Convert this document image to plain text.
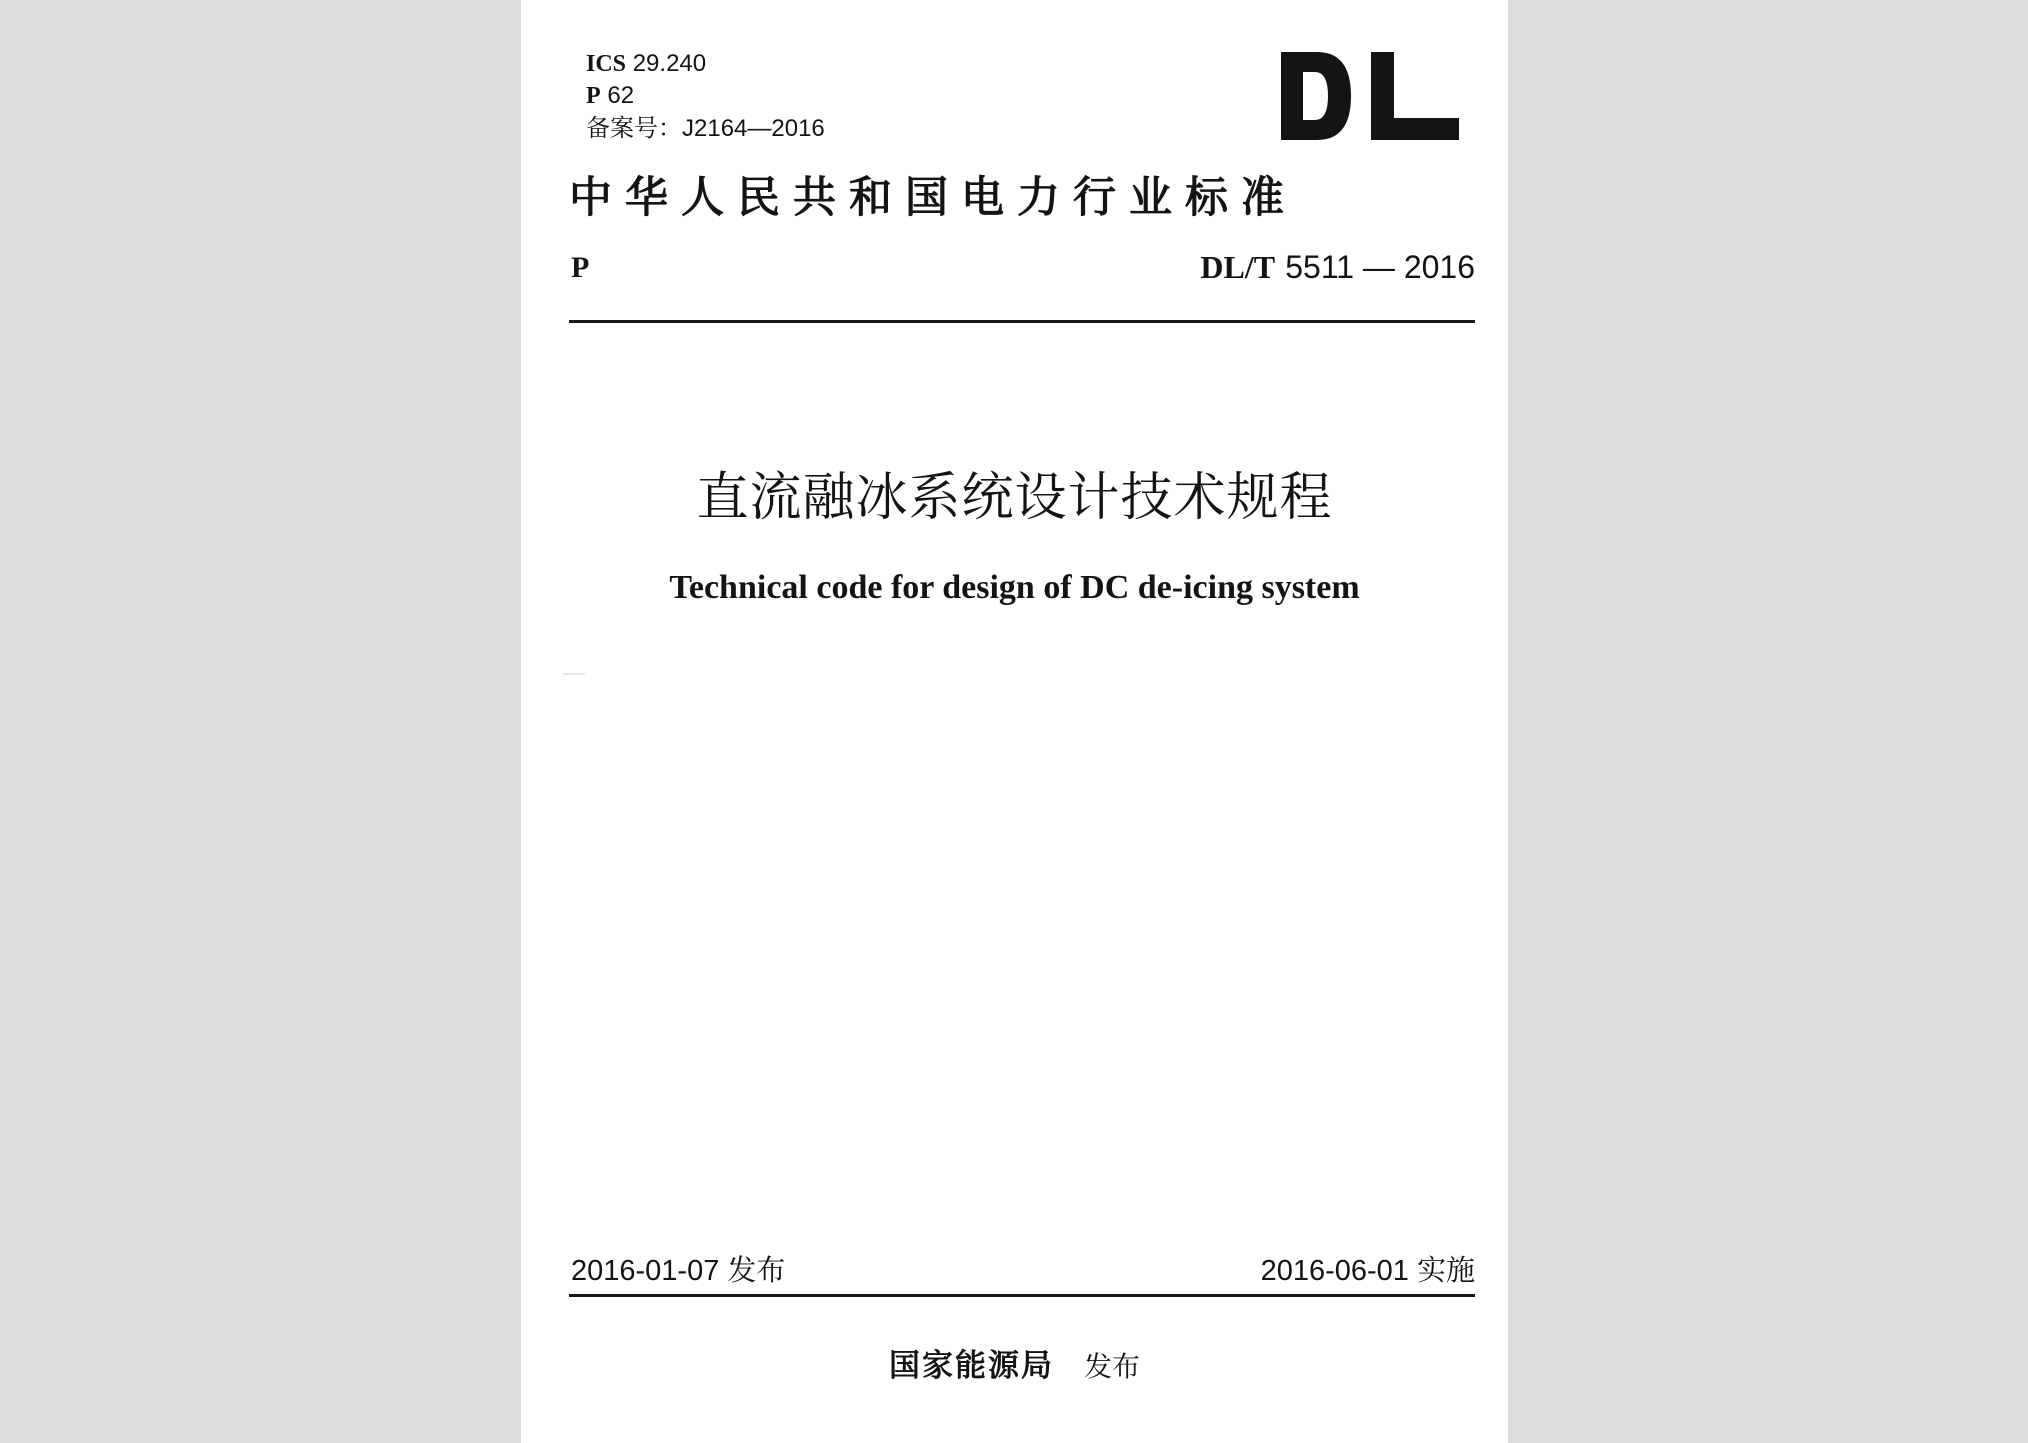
ICS 29.240
P 62
备案号：J2164—2016
中华人民共和国电力行业标准
P	DL/T 5511 — 2016
直流融冰系统设计技术规程
Technical code for design of DC de-icing system
2016-01-07 发布	2016-06-01 实施
国家能源局 发布
